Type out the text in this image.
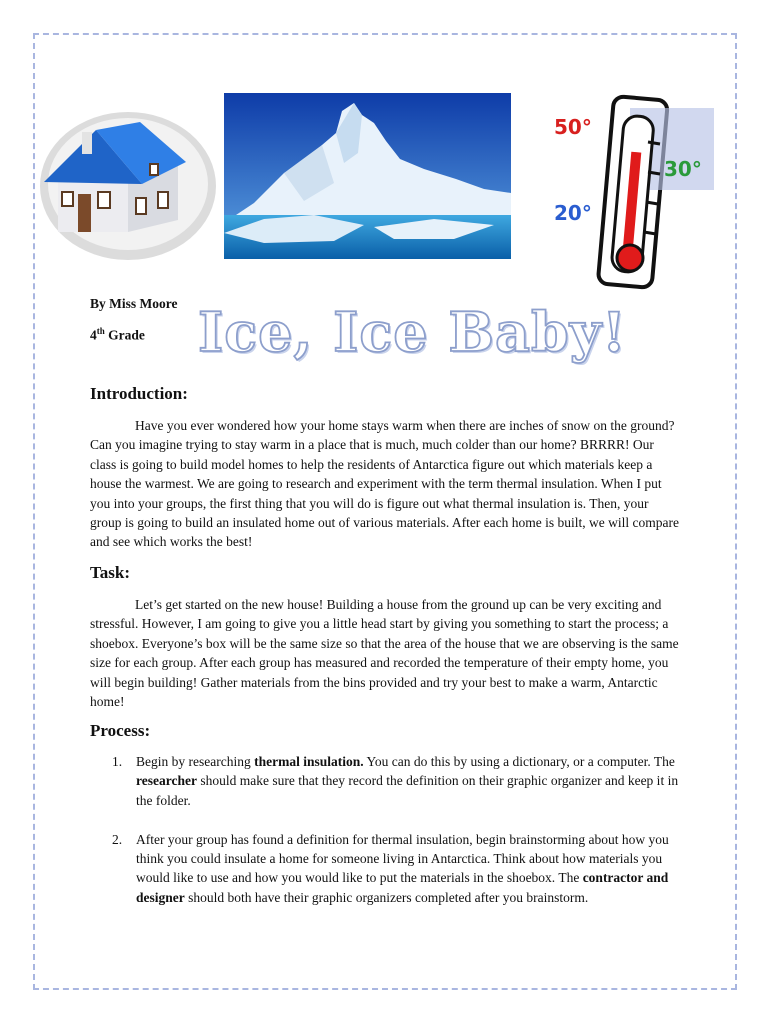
50°
30°
20°
By Miss Moore
4th Grade Ice, Ice Baby!
Introduction:

Have you ever wondered how your home stays warm when there are inches of snow on the ground? Can you imagine trying to stay warm in a place that is much, much colder than our home? BRRRR! Our class is going to build model homes to help the residents of Antarctica figure out which materials keep a house the warmest. We are going to research and experiment with the term thermal insulation. When I put you into your groups, the first thing that you will do is figure out what thermal insulation is. Then, your group is going to build an insulated home out of various materials. After each home is built, we will compare and see which works the best!

Task:

Let’s get started on the new house! Building a house from the ground up can be very exciting and stressful. However, I am going to give you a little head start by giving you something to start the process; a shoebox. Everyone’s box will be the same size so that the area of the house that we are observing is the same size for each group. After each group has measured and recorded the temperature of their empty home, you will begin building! Gather materials from the bins provided and try your best to make a warm, Antarctic home!

Process:
1. Begin by researching thermal insulation. You can do this by using a dictionary, or a computer. The researcher should make sure that they record the definition on their graphic organizer and keep it in the folder.
2. After your group has found a definition for thermal insulation, begin brainstorming about how you think you could insulate a home for someone living in Antarctica. Think about how materials you would like to use and how you would like to put the materials in the shoebox. The contractor and designer should both have their graphic organizers completed after you brainstorm.
